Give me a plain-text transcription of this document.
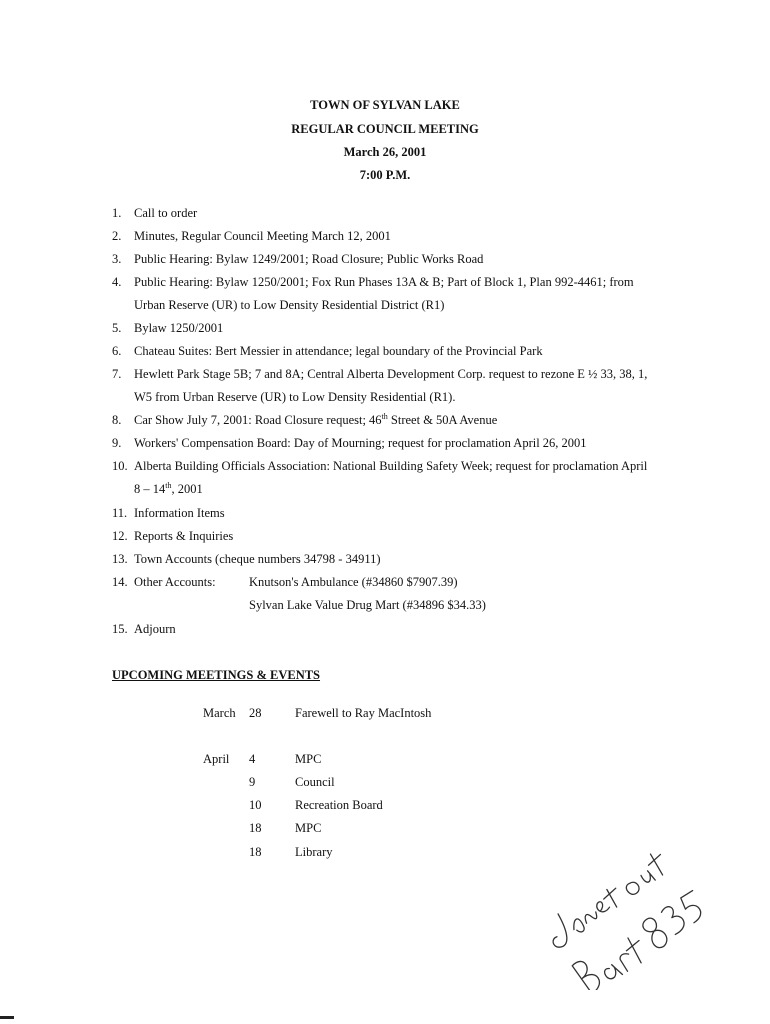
TOWN OF SYLVAN LAKE
REGULAR COUNCIL MEETING
March 26, 2001
7:00 P.M.
1. Call to order
2. Minutes, Regular Council Meeting March 12, 2001
3. Public Hearing: Bylaw 1249/2001; Road Closure; Public Works Road
4. Public Hearing: Bylaw 1250/2001; Fox Run Phases 13A & B; Part of Block 1, Plan 992-4461; from
Urban Reserve (UR) to Low Density Residential District (R1)
5. Bylaw 1250/2001
6. Chateau Suites: Bert Messier in attendance; legal boundary of the Provincial Park
7. Hewlett Park Stage 5B; 7 and 8A; Central Alberta Development Corp. request to rezone E ½ 33, 38, 1,
W5 from Urban Reserve (UR) to Low Density Residential (R1).
8. Car Show July 7, 2001: Road Closure request; 46th Street & 50A Avenue
9. Workers' Compensation Board: Day of Mourning; request for proclamation April 26, 2001
10. Alberta Building Officials Association: National Building Safety Week; request for proclamation April
8 – 14th, 2001
11. Information Items
12. Reports & Inquiries
13. Town Accounts (cheque numbers 34798 - 34911)
14. Other Accounts:	Knutson's Ambulance (#34860 $7907.39)
Sylvan Lake Value Drug Mart (#34896 $34.33)
15. Adjourn
UPCOMING MEETINGS & EVENTS
March 28	Farewell to Ray MacIntosh
April 4	MPC
9	Council
10	Recreation Board
18	MPC
18	Library
